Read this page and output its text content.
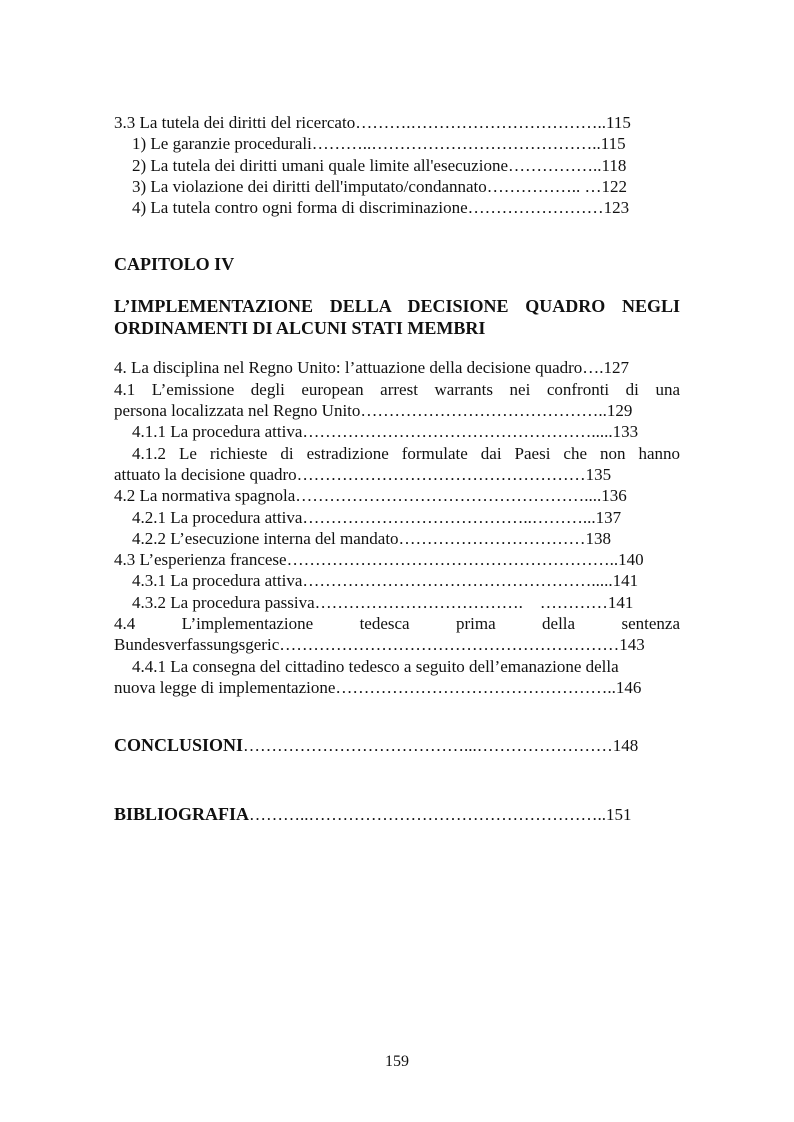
3.3 La tutela dei diritti del ricercato……….……………………………..115
1) Le garanzie procedurali………..…………………………………..115
2) La tutela dei diritti umani quale limite all'esecuzione……………..118
3) La violazione dei diritti dell'imputato/condannato…………….. …122
4) La tutela contro ogni forma di discriminazione……………………123
CAPITOLO IV
L’IMPLEMENTAZIONE DELLA DECISIONE QUADRO NEGLI
ORDINAMENTI DI ALCUNI STATI MEMBRI
4. La disciplina nel Regno Unito: l’attuazione della decisione quadro….127
4.1 L’emissione degli european arrest warrants nei confronti di una
persona localizzata nel Regno Unito……………………………………..129
4.1.1 La procedura attiva…………………………………………….....133
4.1.2 Le richieste di estradizione formulate dai Paesi che non hanno
attuato la decisione quadro……………………………………………135
4.2 La normativa spagnola……………………………………………....136
4.2.1 La procedura attiva…………………………………..………...137
4.2.2 L’esecuzione interna del mandato……………………………138
4.3 L’esperienza francese…………………………………………………..140
4.3.1 La procedura attiva…………………………………………….....141
4.3.2 La procedura passiva……………………………….    …………141
4.4 L’implementazione tedesca prima della sentenza
Bundesverfassungsgeric……………………………………………………143
4.4.1 La consegna del cittadino tedesco a seguito dell’emanazione della
nuova legge di implementazione…………………………………………..146
CONCLUSIONI…………………………………...……………………148
BIBLIOGRAFIA………..……………………………………………..151
159
